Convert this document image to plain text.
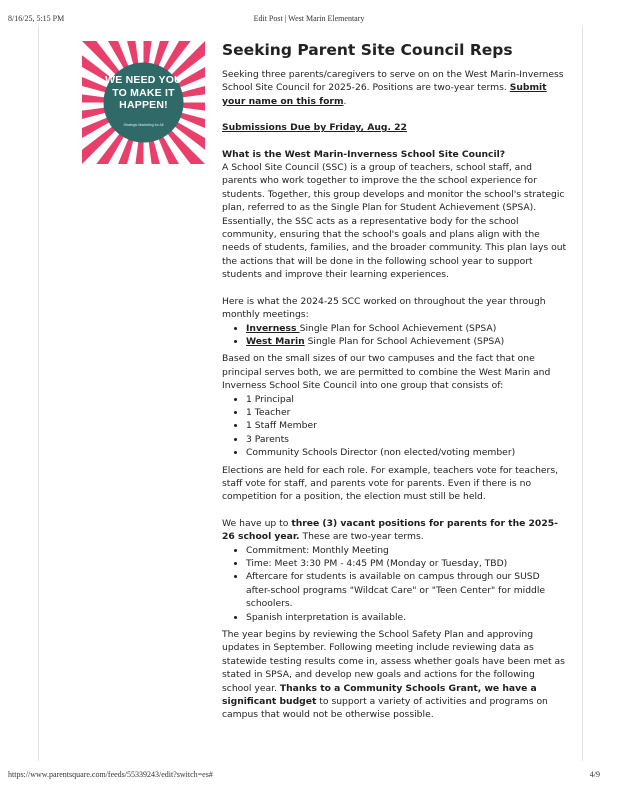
8/16/25, 5:15 PM	Edit Post | West Marin Elementary
WE NEED YOU
TO MAKE IT
HAPPEN!
Strategic Marketing for All
Seeking Parent Site Council Reps

Seeking three parents/caregivers to serve on on the West Marin-Inverness School Site Council for 2025-26. Positions are two-year terms. Submit your name on this form.

Submissions Due by Friday, Aug. 22

What is the West Marin-Inverness School Site Council?

A School Site Council (SSC) is a group of teachers, school staff, and parents who work together to improve the the school experience for students. Together, this group develops and monitor the school's strategic plan, referred to as the Single Plan for Student Achievement (SPSA). Essentially, the SSC acts as a representative body for the school community, ensuring that the school's goals and plans align with the needs of students, families, and the broader community. This plan lays out the actions that will be done in the following school year to support students and improve their learning experiences.

Here is what the 2024-25 SCC worked on throughout the year through monthly meetings:

• Inverness Single Plan for School Achievement (SPSA)
• West Marin Single Plan for School Achievement (SPSA)

Based on the small sizes of our two campuses and the fact that one principal serves both, we are permitted to combine the West Marin and Inverness School Site Council into one group that consists of:

• 1 Principal
• 1 Teacher
• 1 Staff Member
• 3 Parents
• Community Schools Director (non elected/voting member)

Elections are held for each role. For example, teachers vote for teachers, staff vote for staff, and parents vote for parents. Even if there is no competition for a position, the election must still be held.

We have up to three (3) vacant positions for parents for the 2025-26 school year. These are two-year terms.

• Commitment: Monthly Meeting
• Time: Meet 3:30 PM - 4:45 PM (Monday or Tuesday, TBD)
• Aftercare for students is available on campus through our SUSD after-school programs "Wildcat Care" or "Teen Center" for middle schoolers.
• Spanish interpretation is available.

The year begins by reviewing the School Safety Plan and approving updates in September. Following meeting include reviewing data as statewide testing results come in, assess whether goals have been met as stated in SPSA, and develop new goals and actions for the following school year. Thanks to a Community Schools Grant, we have a significant budget to support a variety of activities and programs on campus that would not be otherwise possible.

https://www.parentsquare.com/feeds/55339243/edit?switch=es#	4/9
